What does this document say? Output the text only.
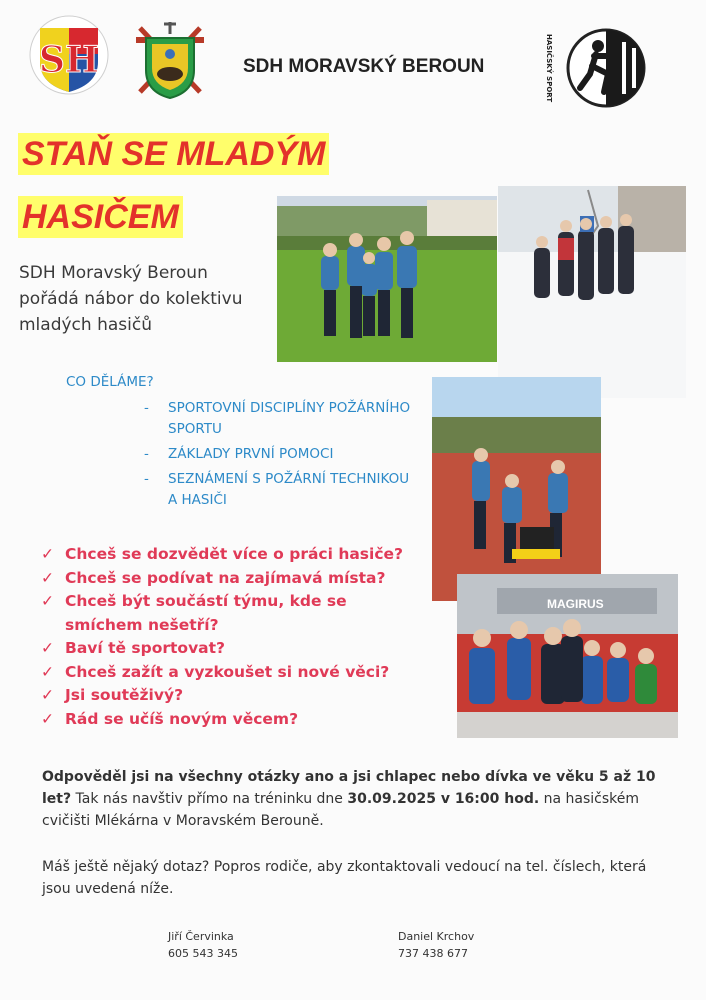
SH	SDH MORAVSKÝ BEROUN	HASIČSKÝ SPORT
STAŇ SE MLADÝM
HASIČEM
SDH Moravský Beroun
pořádá nábor do kolektivu
mladých hasičů
MAGIRUS
CO DĚLÁME?
- SPORTOVNÍ DISCIPLÍNY POŽÁRNÍHO SPORTU
- ZÁKLADY PRVNÍ POMOCI
- SEZNÁMENÍ S POŽÁRNÍ TECHNIKOU A HASIČI
✓ Chceš se dozvědět více o práci hasiče?
✓ Chceš se podívat na zajímavá místa?
✓ Chceš být součástí týmu, kde se smíchem nešetří?
✓ Baví tě sportovat?
✓ Chceš zažít a vyzkoušet si nové věci?
✓ Jsi soutěživý?
✓ Rád se učíš novým věcem?
Odpověděl jsi na všechny otázky ano a jsi chlapec nebo dívka ve věku 5 až 10 let? Tak nás navštiv přímo na tréninku dne 30.09.2025 v 16:00 hod. na hasičském cvičišti Mlékárna v Moravském Berouně.
Máš ještě nějaký dotaz? Popros rodiče, aby zkontaktovali vedoucí na tel. číslech, která jsou uvedená níže.
Jiří Červinka
605 543 345
Daniel Krchov
737 438 677
